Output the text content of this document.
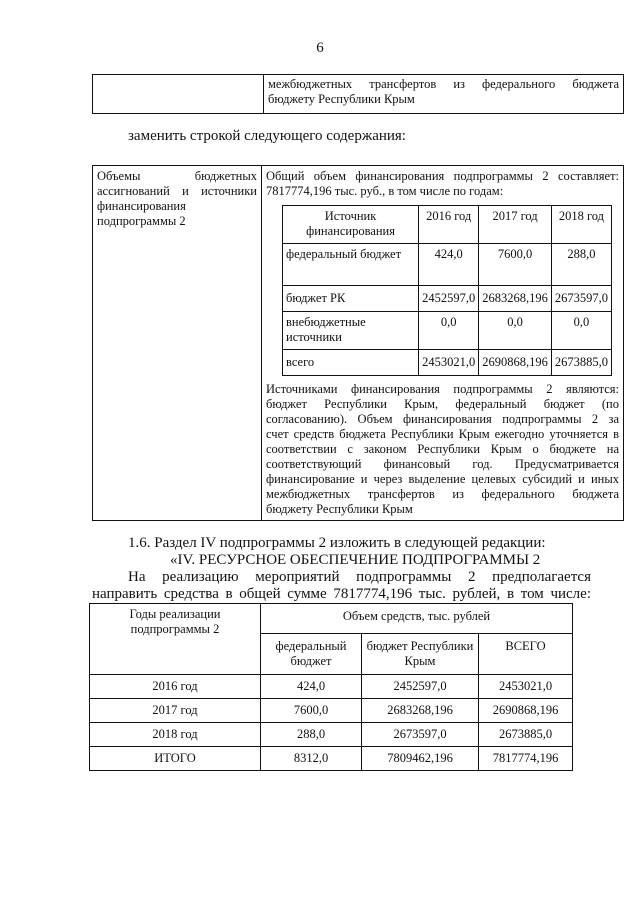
6

межбюджетных трансфертов из федерального бюджета
бюджету Республики Крым
заменить строкой следующего содержания:
Объемы бюджетных
ассигнований и источники
финансирования
подпрограммы 2

Общий объем финансирования подпрограммы 2 составляет:
7817774,196 тыс. руб., в том числе по годам:
Источник финансирования	2016 год	2017 год	2018 год
федеральный бюджет	424,0	7600,0	288,0
бюджет РК	2452597,0	2683268,196	2673597,0
внебюджетные источники	0,0	0,0	0,0
всего	2453021,0	2690868,196	2673885,0
Источниками финансирования подпрограммы 2 являются:
бюджет Республики Крым, федеральный бюджет (по
согласованию). Объем финансирования подпрограммы 2 за
счет средств бюджета Республики Крым ежегодно уточняется в
соответствии с законом Республики Крым о бюджете на
соответствующий финансовый год. Предусматривается
финансирование и через выделение целевых субсидий и иных
межбюджетных трансфертов из федерального бюджета
бюджету Республики Крым
1.6. Раздел IV подпрограммы 2 изложить в следующей редакции:
«IV. РЕСУРСНОЕ ОБЕСПЕЧЕНИЕ ПОДПРОГРАММЫ 2
На реализацию мероприятий подпрограммы 2 предполагается
направить средства в общей сумме 7817774,196 тыс. рублей, в том числе:
Годы реализации подпрограммы 2	Объем средств, тыс. рублей		
	федеральный бюджет	бюджет Республики Крым	ВСЕГО
2016 год	424,0	2452597,0	2453021,0
2017 год	7600,0	2683268,196	2690868,196
2018 год	288,0	2673597,0	2673885,0
ИТОГО	8312,0	7809462,196	7817774,196
